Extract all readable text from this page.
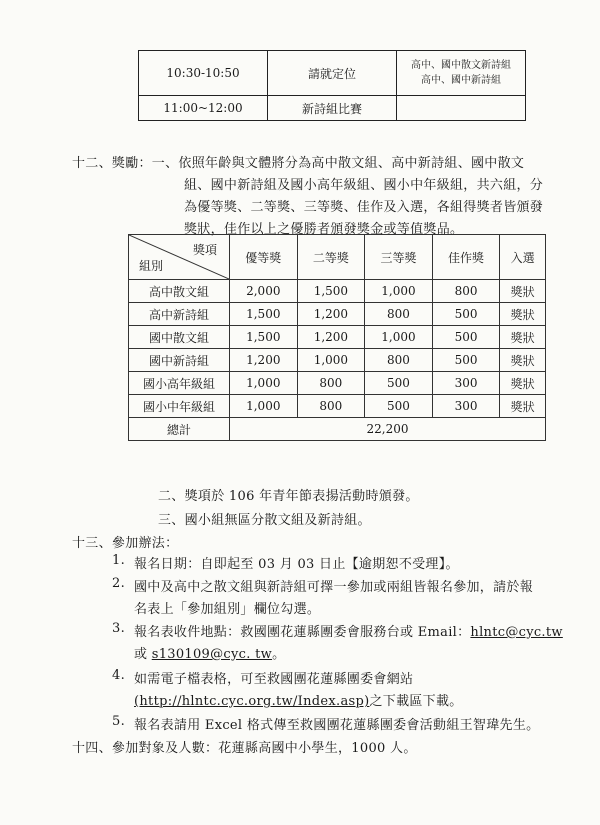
10:30-10:50	請就定位	高中、國中散文新詩組
高中、國中新詩組

11:00~12:00	新詩組比賽	
十二、獎勵：一、依照年齡與文體將分為高中散文組、高中新詩組、國中散文
組、國中新詩組及國小高年級組、國小中年級組，共六組，分
為優等獎、二等獎、三等獎、佳作及入選，各組得獎者皆頒發
獎狀，佳作以上之優勝者頒發獎金或等值獎品。
獎項
組別	優等獎	二等獎	三等獎	佳作獎	入選
高中散文組	2,000	1,500	1,000	800	獎狀
高中新詩組	1,500	1,200	800	500	獎狀
國中散文組	1,500	1,200	1,000	500	獎狀
國中新詩組	1,200	1,000	800	500	獎狀
國小高年級組	1,000	800	500	300	獎狀
國小中年級組	1,000	800	500	300	獎狀
總計	22,200				
二、獎項於 106 年青年節表揚活動時頒發。
三、國小組無區分散文組及新詩組。
十三、參加辦法：
1. 報名日期：自即起至 03 月 03 日止【逾期恕不受理】。
2. 國中及高中之散文組與新詩組可擇一參加或兩組皆報名參加，請於報
名表上「參加組別」欄位勾選。
3. 報名表收件地點：救國團花蓮縣團委會服務台或 Email：hlntc@cyc.tw
或 s130109@cyc. tw。
4. 如需電子檔表格，可至救國團花蓮縣團委會網站
(http://hlntc.cyc.org.tw/Index.asp)之下載區下載。
5. 報名表請用 Excel 格式傳至救國團花蓮縣團委會活動組王智瑋先生。
十四、參加對象及人數：花蓮縣高國中小學生，1000 人。
